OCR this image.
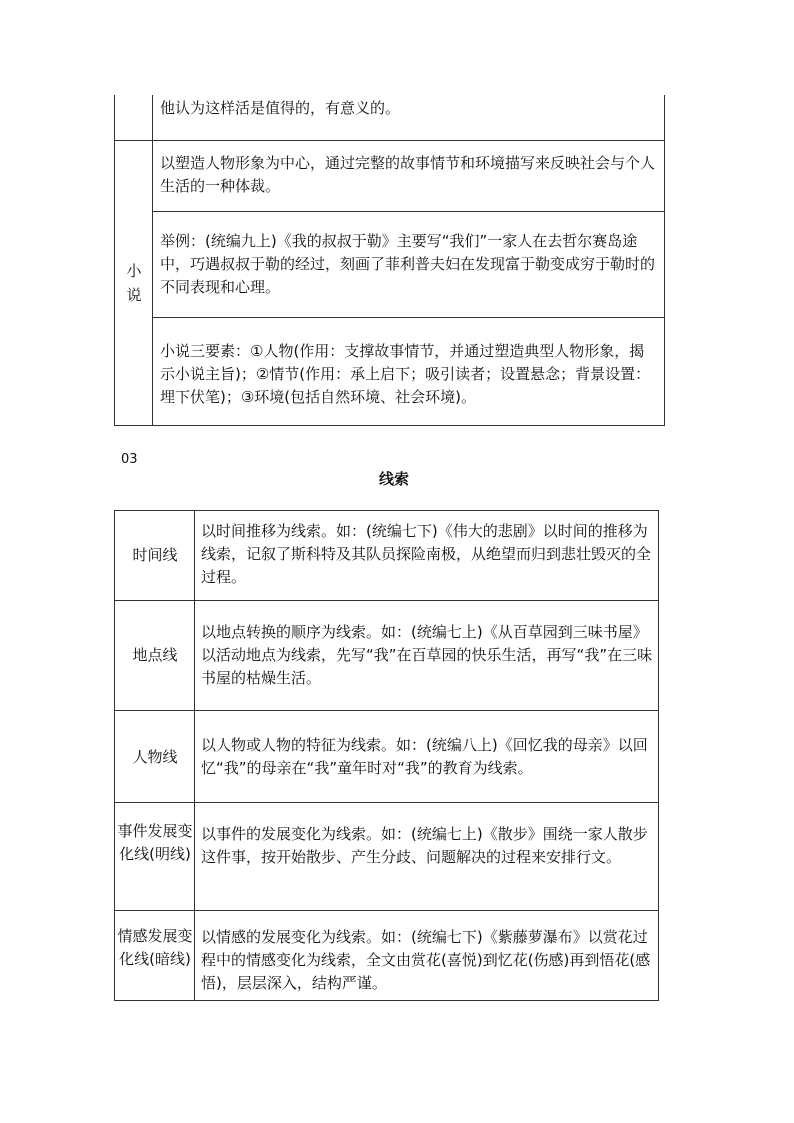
他认为这样活是值得的，有意义的。
小
说
以塑造人物形象为中心，通过完整的故事情节和环境描写来反映社会与个人生活的一种体裁。
举例：(统编九上)《我的叔叔于勒》主要写“我们”一家人在去哲尔赛岛途中，巧遇叔叔于勒的经过，刻画了菲利普夫妇在发现富于勒变成穷于勒时的不同表现和心理。
小说三要素：①人物(作用：支撑故事情节，并通过塑造典型人物形象，揭示小说主旨)；②情节(作用：承上启下；吸引读者；设置悬念；背景设置：埋下伏笔)；③环境(包括自然环境、社会环境)。
03
线索
时间线
以时间推移为线索。如：(统编七下)《伟大的悲剧》以时间的推移为线索，记叙了斯科特及其队员探险南极，从绝望而归到悲壮毁灭的全过程。
地点线
以地点转换的顺序为线索。如：(统编七上)《从百草园到三味书屋》以活动地点为线索，先写“我”在百草园的快乐生活，再写“我”在三味书屋的枯燥生活。
人物线
以人物或人物的特征为线索。如：(统编八上)《回忆我的母亲》以回忆“我”的母亲在“我”童年时对“我”的教育为线索。
事件发展变化线(明线)
以事件的发展变化为线索。如：(统编七上)《散步》围绕一家人散步这件事，按开始散步、产生分歧、问题解决的过程来安排行文。
情感发展变化线(暗线)
以情感的发展变化为线索。如：(统编七下)《紫藤萝瀑布》以赏花过程中的情感变化为线索，全文由赏花(喜悦)到忆花(伤感)再到悟花(感悟)，层层深入，结构严谨。
